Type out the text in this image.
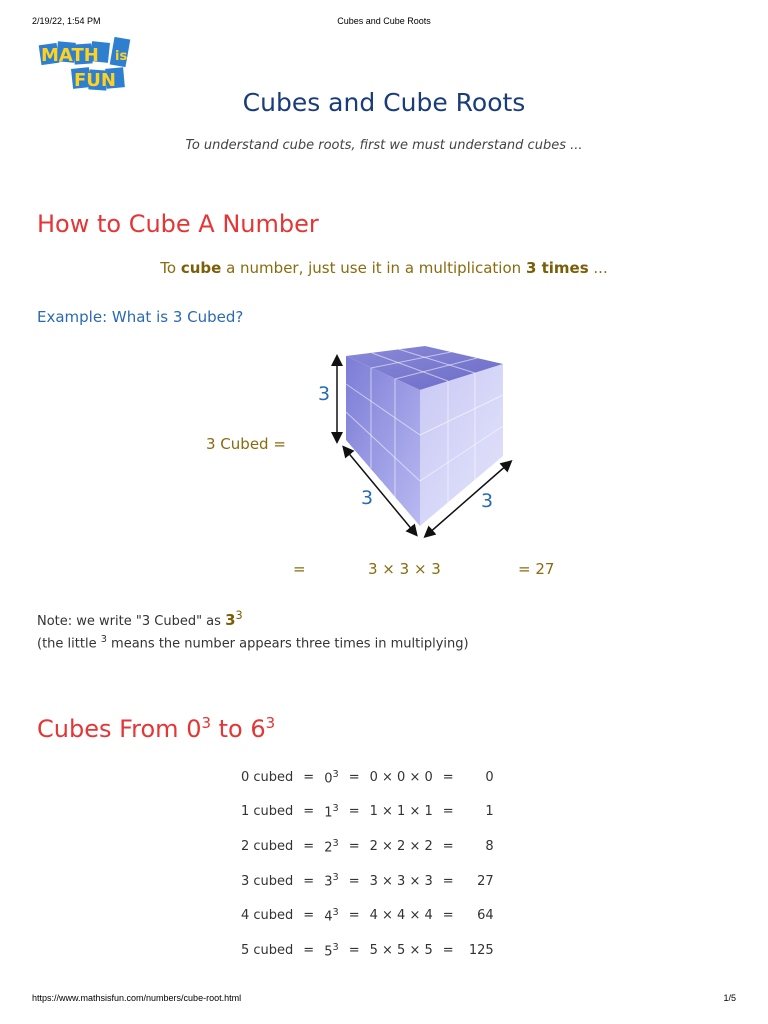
2/19/22, 1:54 PM	Cubes and Cube Roots
MATH is
FUN
Cubes and Cube Roots
To understand cube roots, first we must understand cubes ...
How to Cube A Number
To cube a number, just use it in a multiplication 3 times ...
Example: What is 3 Cubed?
3 Cubed =
3
3	3
=	3 × 3 × 3	= 27
Note: we write "3 Cubed" as $3^3$
(the little $^3$ means the number appears three times in multiplying)
Cubes From $0^3$ to $6^3$
0 cubed	=	$0^3$	=	0 × 0 × 0	=	0
1 cubed	=	$1^3$	=	1 × 1 × 1	=	1
2 cubed	=	$2^3$	=	2 × 2 × 2	=	8
3 cubed	=	$3^3$	=	3 × 3 × 3	=	27
4 cubed	=	$4^3$	=	4 × 4 × 4	=	64
5 cubed	=	$5^3$	=	5 × 5 × 5	=	125
https://www.mathsisfun.com/numbers/cube-root.html	1/5
